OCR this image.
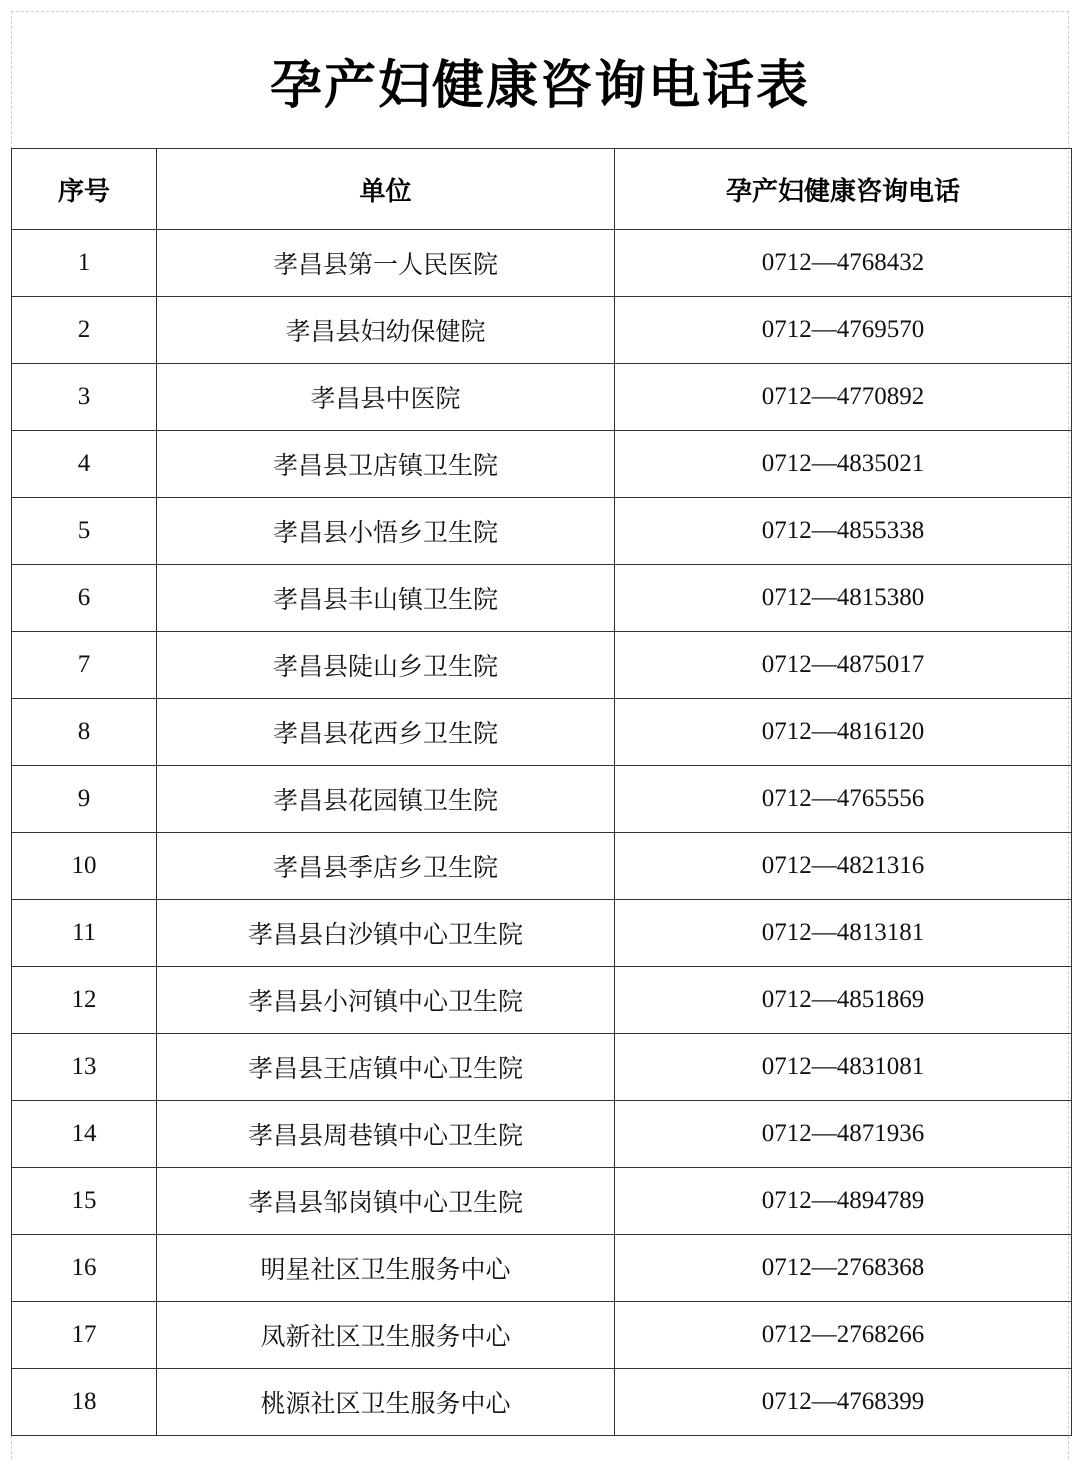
孕产妇健康咨询电话表
序号	单位	孕产妇健康咨询电话
1	孝昌县第一人民医院	0712—4768432
2	孝昌县妇幼保健院	0712—4769570
3	孝昌县中医院	0712—4770892
4	孝昌县卫店镇卫生院	0712—4835021
5	孝昌县小悟乡卫生院	0712—4855338
6	孝昌县丰山镇卫生院	0712—4815380
7	孝昌县陡山乡卫生院	0712—4875017
8	孝昌县花西乡卫生院	0712—4816120
9	孝昌县花园镇卫生院	0712—4765556
10	孝昌县季店乡卫生院	0712—4821316
11	孝昌县白沙镇中心卫生院	0712—4813181
12	孝昌县小河镇中心卫生院	0712—4851869
13	孝昌县王店镇中心卫生院	0712—4831081
14	孝昌县周巷镇中心卫生院	0712—4871936
15	孝昌县邹岗镇中心卫生院	0712—4894789
16	明星社区卫生服务中心	0712—2768368
17	凤新社区卫生服务中心	0712—2768266
18	桃源社区卫生服务中心	0712—4768399
